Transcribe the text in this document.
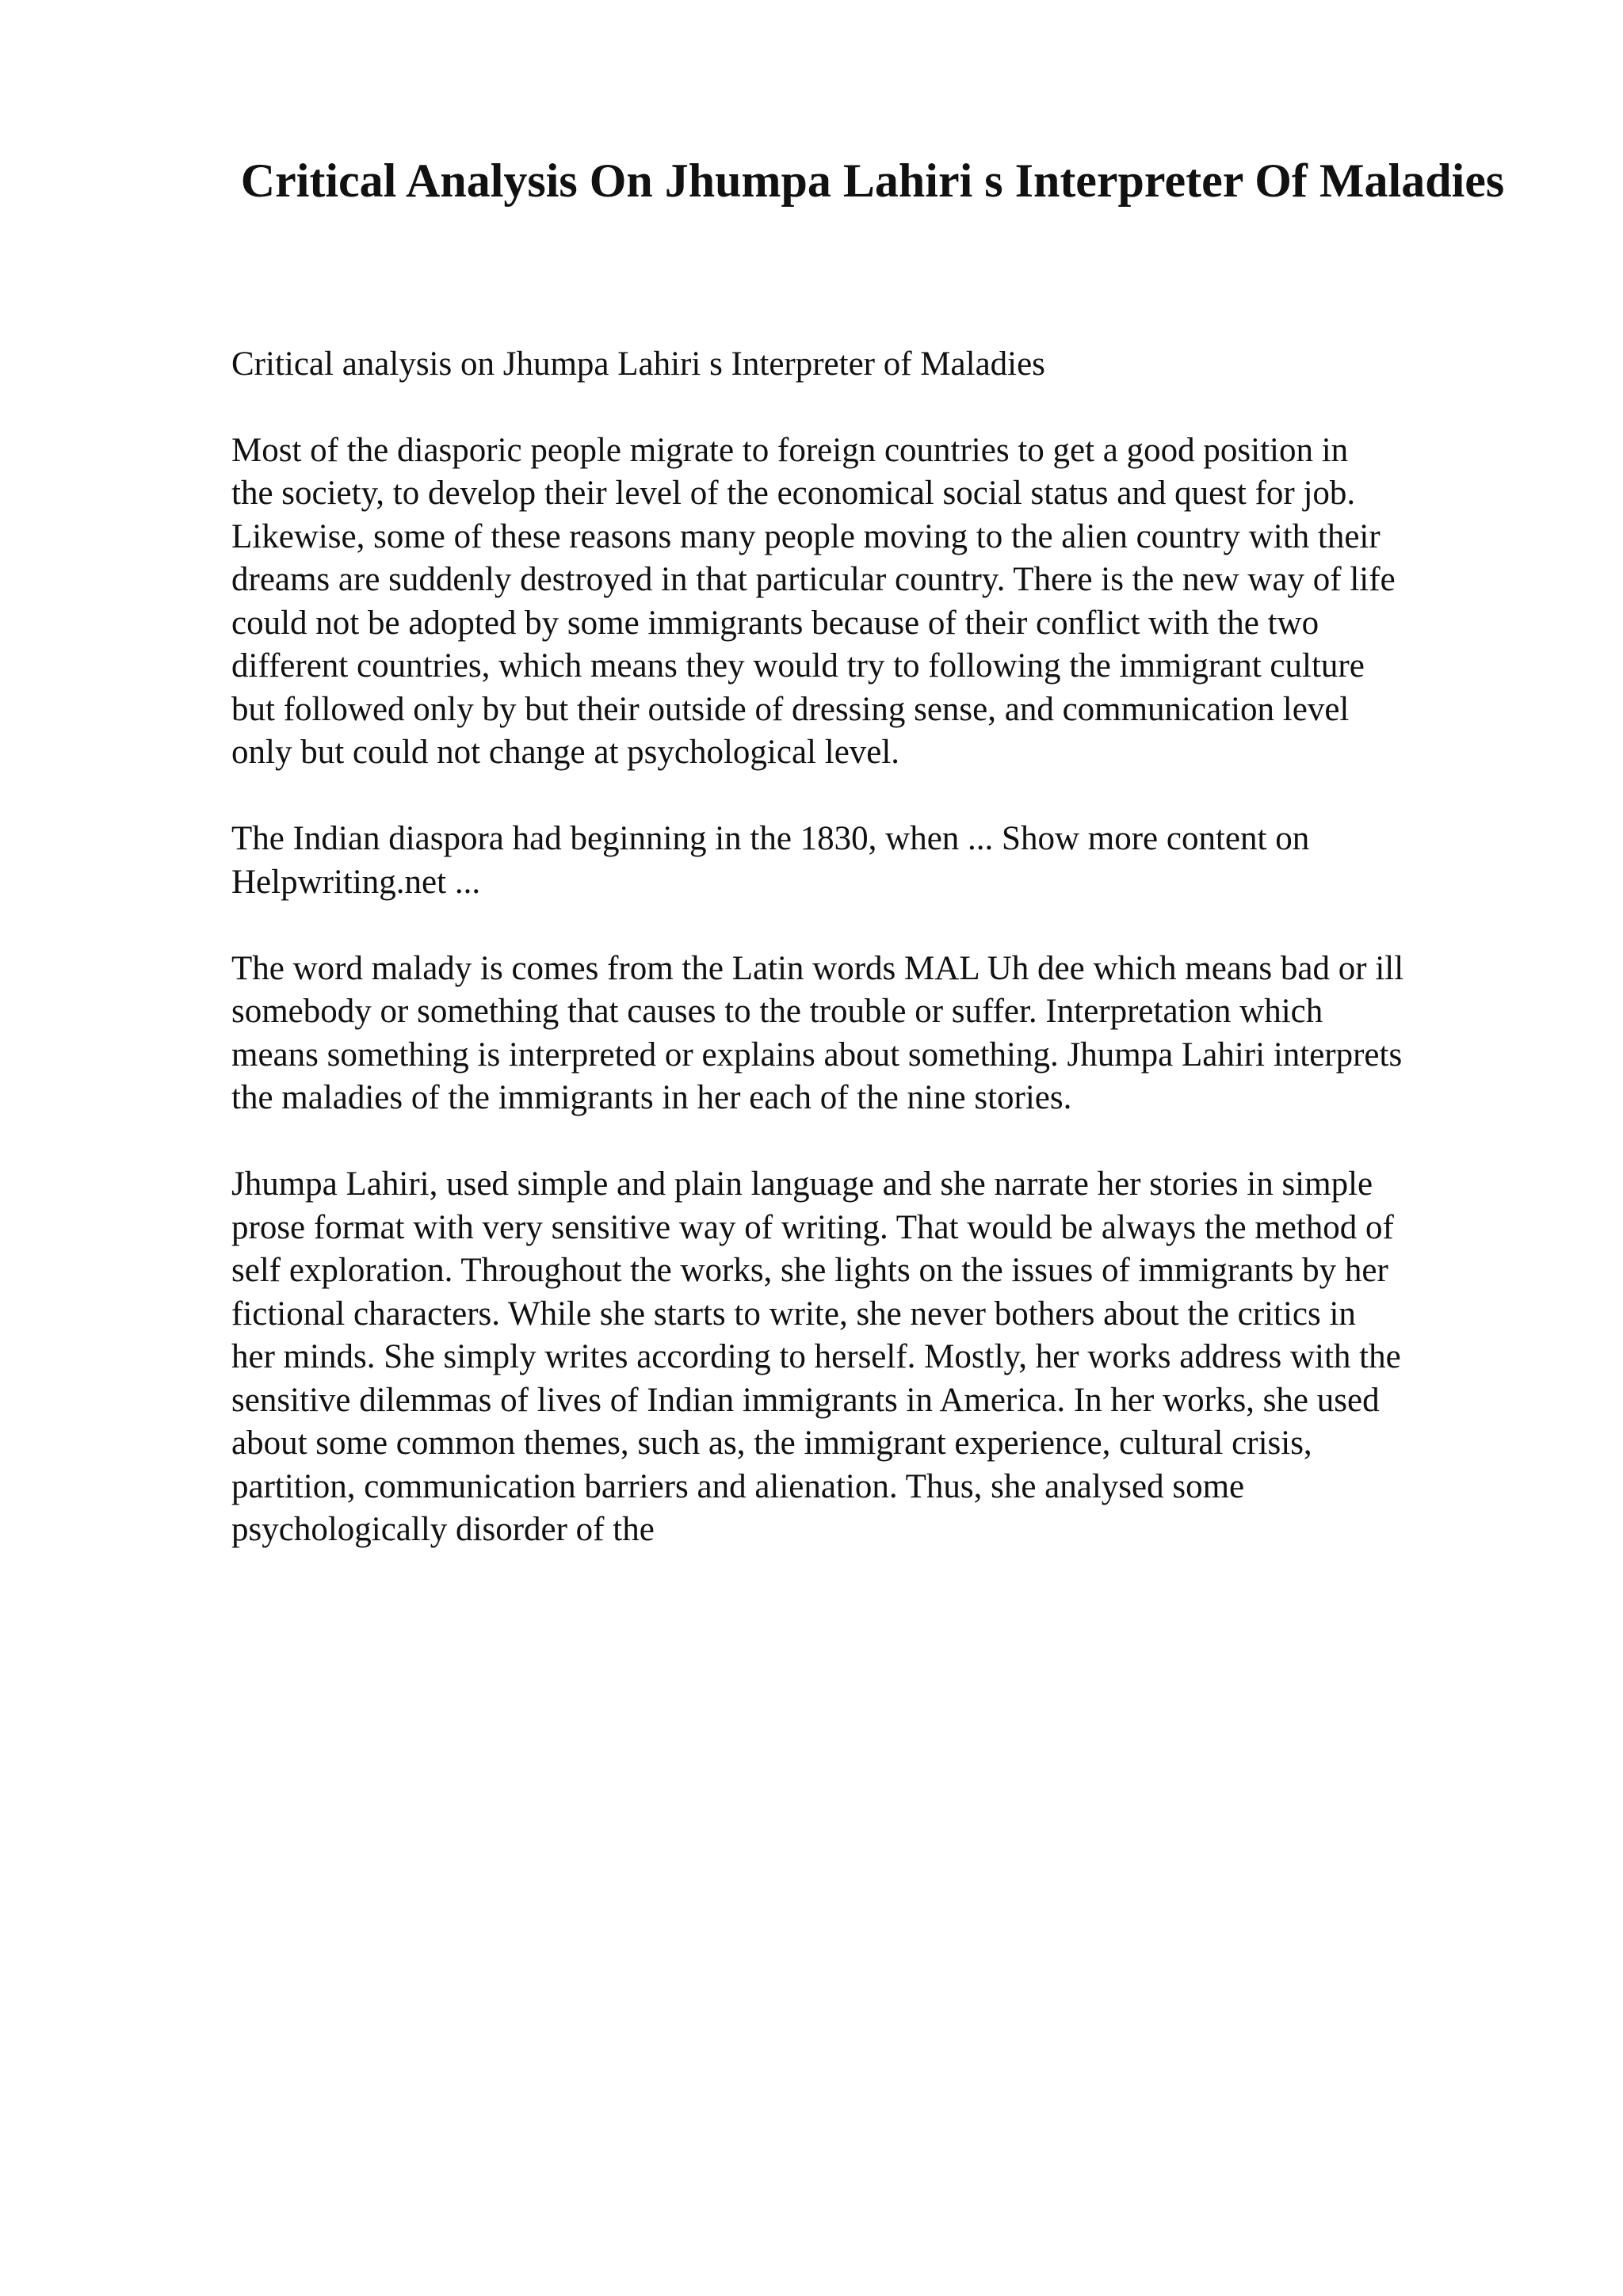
Critical Analysis On Jhumpa Lahiri s Interpreter Of Maladies

Critical analysis on Jhumpa Lahiri s Interpreter of Maladies

Most of the diasporic people migrate to foreign countries to get a good position in
the society, to develop their level of the economical social status and quest for job.
Likewise, some of these reasons many people moving to the alien country with their
dreams are suddenly destroyed in that particular country. There is the new way of life
could not be adopted by some immigrants because of their conflict with the two
different countries, which means they would try to following the immigrant culture
but followed only by but their outside of dressing sense, and communication level
only but could not change at psychological level.

The Indian diaspora had beginning in the 1830, when ... Show more content on
Helpwriting.net ...

The word malady is comes from the Latin words MAL Uh dee which means bad or ill
somebody or something that causes to the trouble or suffer. Interpretation which
means something is interpreted or explains about something. Jhumpa Lahiri interprets
the maladies of the immigrants in her each of the nine stories.

Jhumpa Lahiri, used simple and plain language and she narrate her stories in simple
prose format with very sensitive way of writing. That would be always the method of
self exploration. Throughout the works, she lights on the issues of immigrants by her
fictional characters. While she starts to write, she never bothers about the critics in
her minds. She simply writes according to herself. Mostly, her works address with the
sensitive dilemmas of lives of Indian immigrants in America. In her works, she used
about some common themes, such as, the immigrant experience, cultural crisis,
partition, communication barriers and alienation. Thus, she analysed some
psychologically disorder of the
